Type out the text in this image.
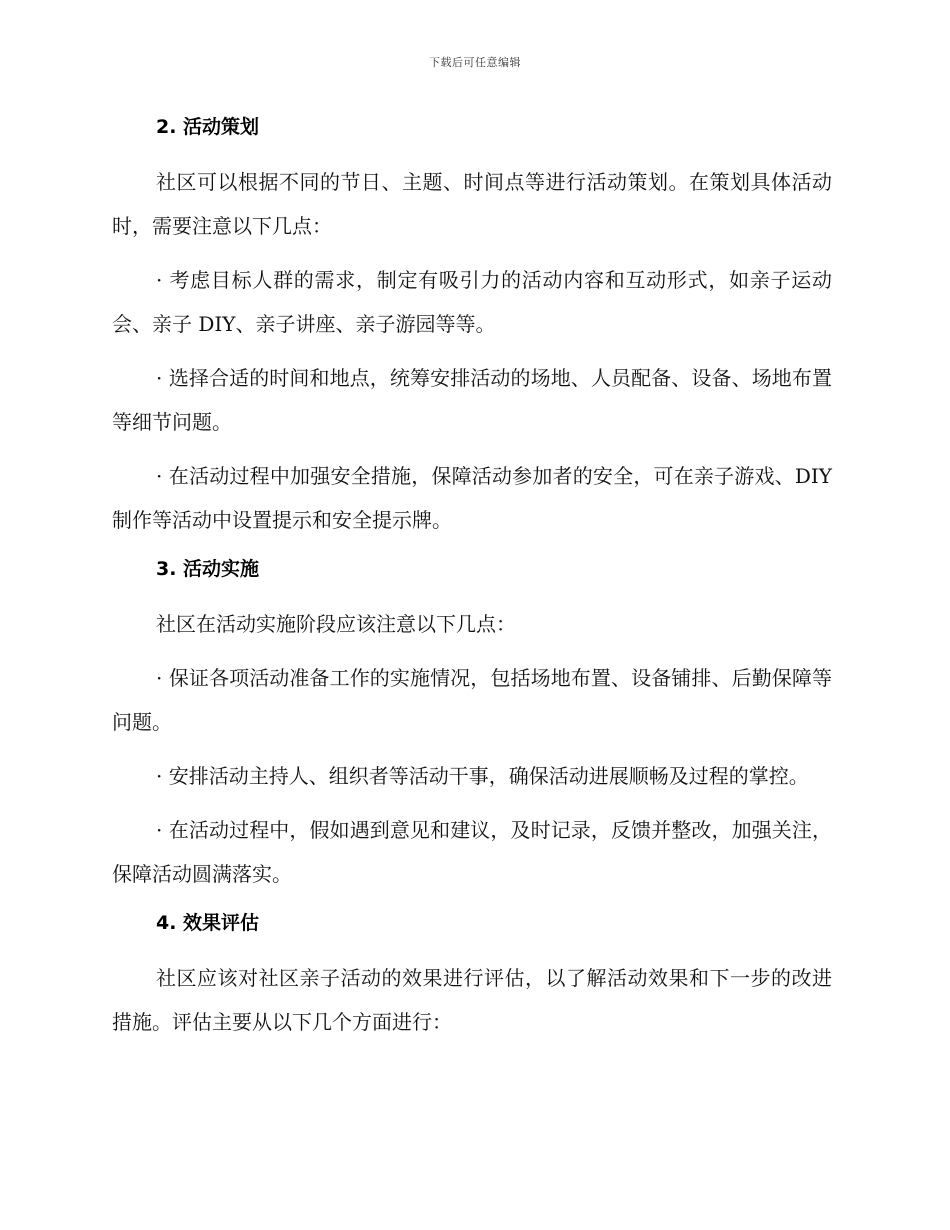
下载后可任意编辑
2. 活动策划

社区可以根据不同的节日、主题、时间点等进行活动策划。在策划具体活动时，需要注意以下几点：

· 考虑目标人群的需求，制定有吸引力的活动内容和互动形式，如亲子运动会、亲子 DIY、亲子讲座、亲子游园等等。

· 选择合适的时间和地点，统筹安排活动的场地、人员配备、设备、场地布置等细节问题。

· 在活动过程中加强安全措施，保障活动参加者的安全，可在亲子游戏、DIY 制作等活动中设置提示和安全提示牌。

3. 活动实施

社区在活动实施阶段应该注意以下几点：

· 保证各项活动准备工作的实施情况，包括场地布置、设备铺排、后勤保障等问题。

· 安排活动主持人、组织者等活动干事，确保活动进展顺畅及过程的掌控。

· 在活动过程中，假如遇到意见和建议，及时记录，反馈并整改，加强关注，保障活动圆满落实。

4. 效果评估

社区应该对社区亲子活动的效果进行评估，以了解活动效果和下一步的改进措施。评估主要从以下几个方面进行：
